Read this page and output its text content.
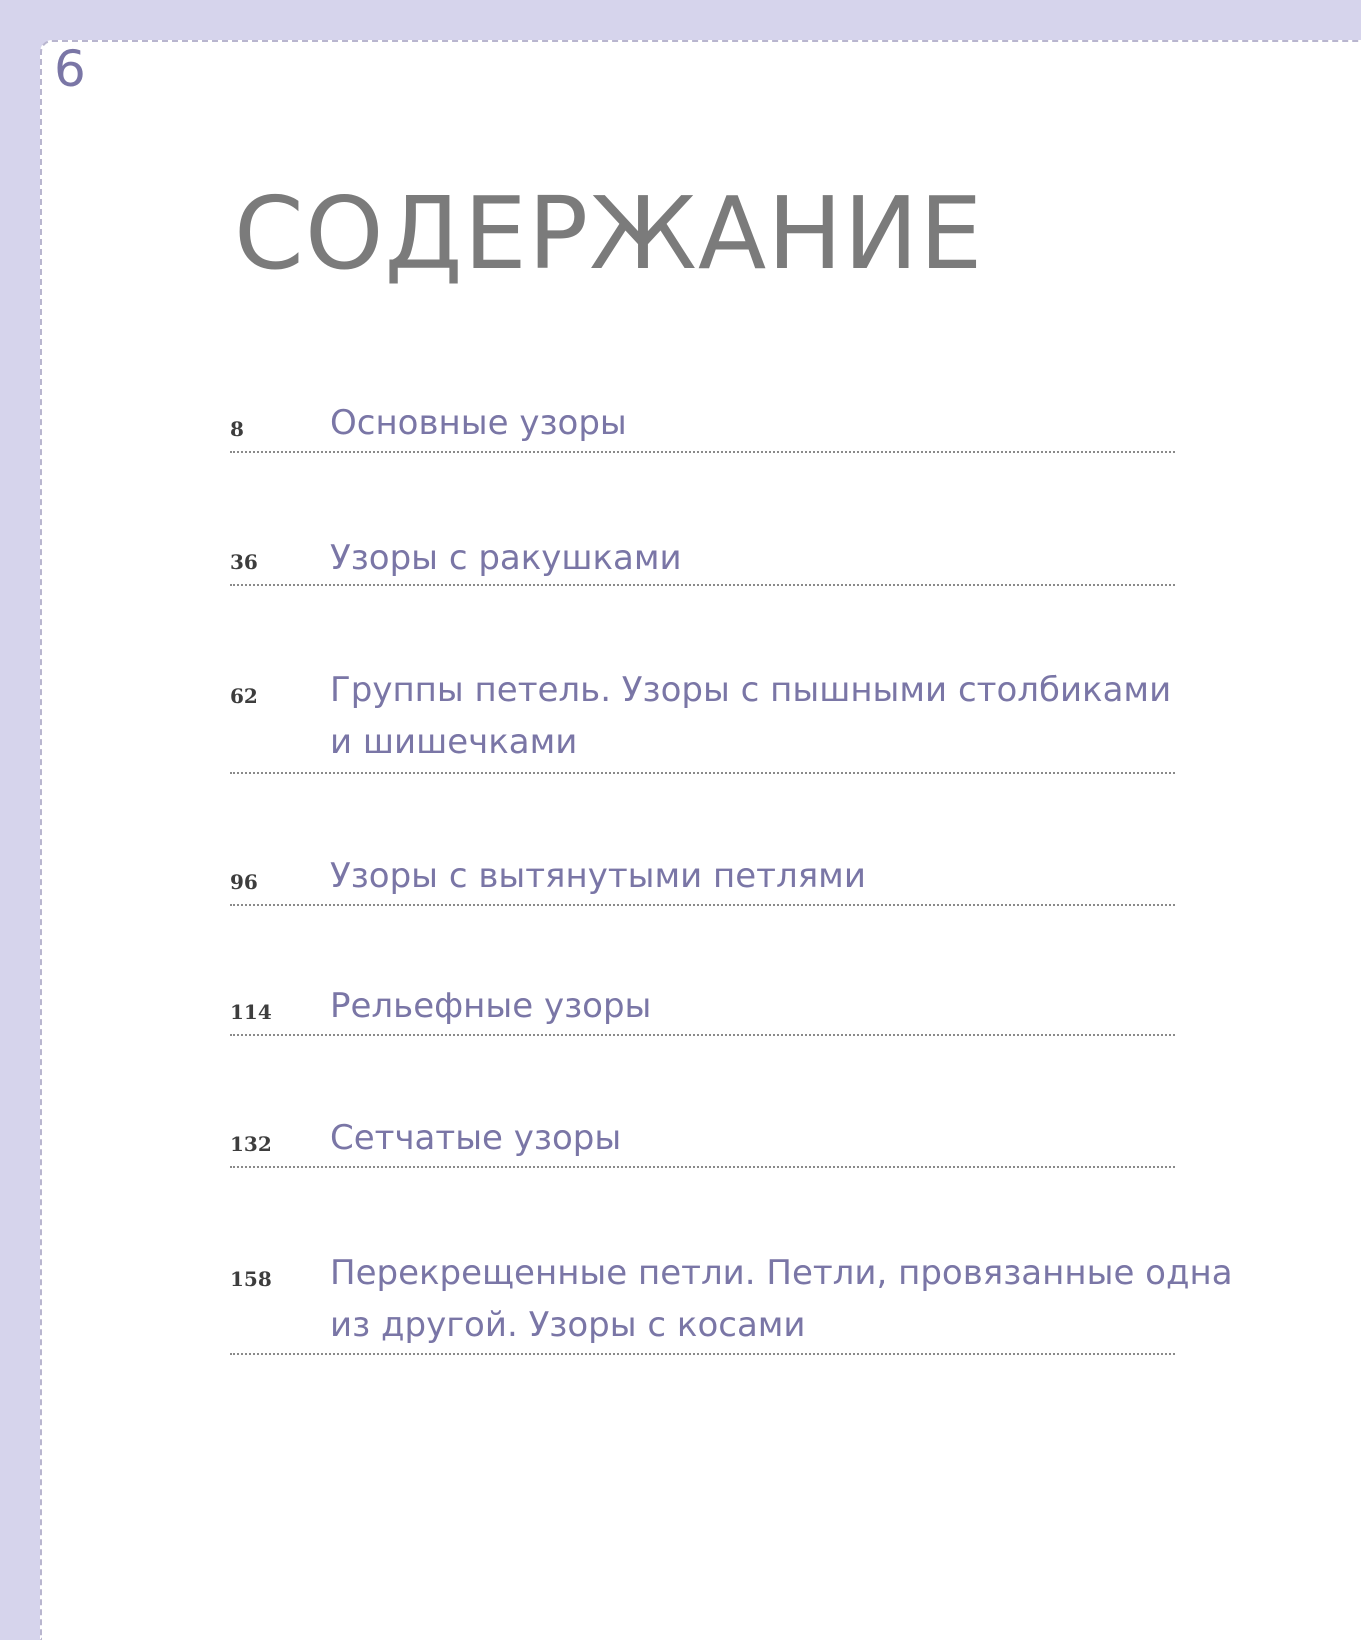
6
СОДЕРЖАНИЕ
8	Основные узоры
36 Узоры с ракушками
62 Группы петель. Узоры с пышными столбиками
и шишечками
96 Узоры с вытянутыми петлями
114 Рельефные узоры
132 Сетчатые узоры
158 Перекрещенные петли. Петли, провязанные одна
из другой. Узоры с косами
